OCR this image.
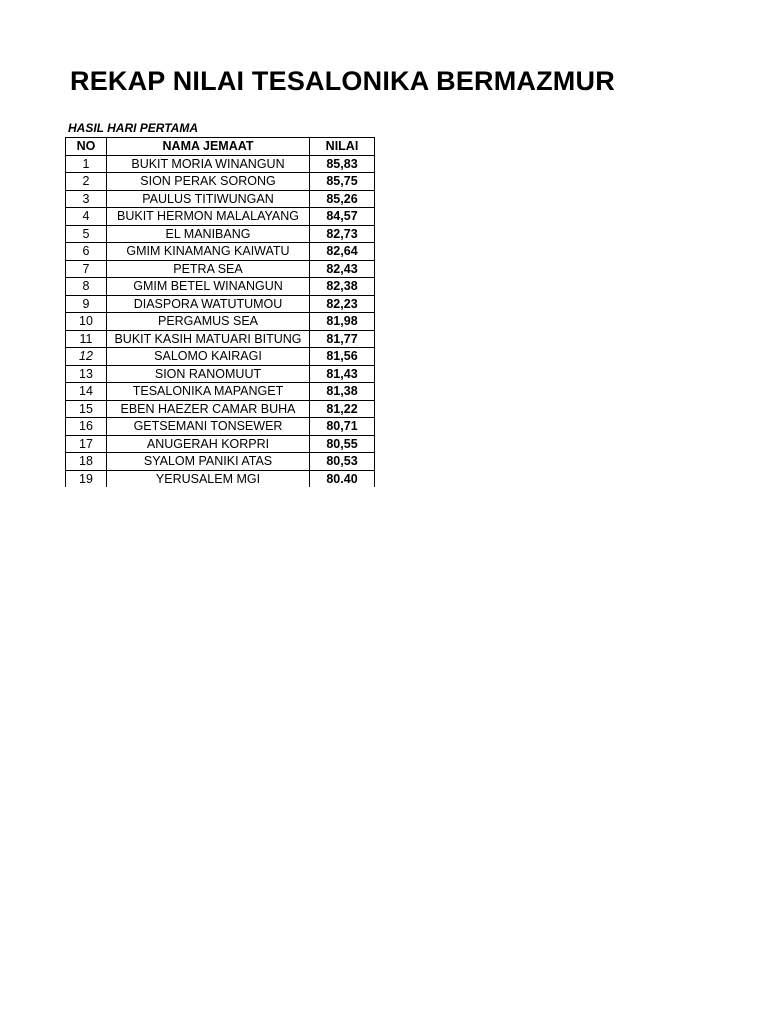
REKAP NILAI TESALONIKA BERMAZMUR
HASIL HARI PERTAMA
NO	NAMA JEMAAT	NILAI
1	BUKIT MORIA WINANGUN	85,83
2	SION PERAK SORONG	85,75
3	PAULUS TITIWUNGAN	85,26
4	BUKIT HERMON MALALAYANG	84,57
5	EL MANIBANG	82,73
6	GMIM KINAMANG KAIWATU	82,64
7	PETRA SEA	82,43
8	GMIM BETEL WINANGUN	82,38
9	DIASPORA WATUTUMOU	82,23
10	PERGAMUS SEA	81,98
11	BUKIT KASIH MATUARI BITUNG	81,77
12	SALOMO KAIRAGI	81,56
13	SION RANOMUUT	81,43
14	TESALONIKA MAPANGET	81,38
15	EBEN HAEZER CAMAR BUHA	81,22
16	GETSEMANI TONSEWER	80,71
17	ANUGERAH KORPRI	80,55
18	SYALOM PANIKI ATAS	80,53
19	YERUSALEM MGI	80.40
